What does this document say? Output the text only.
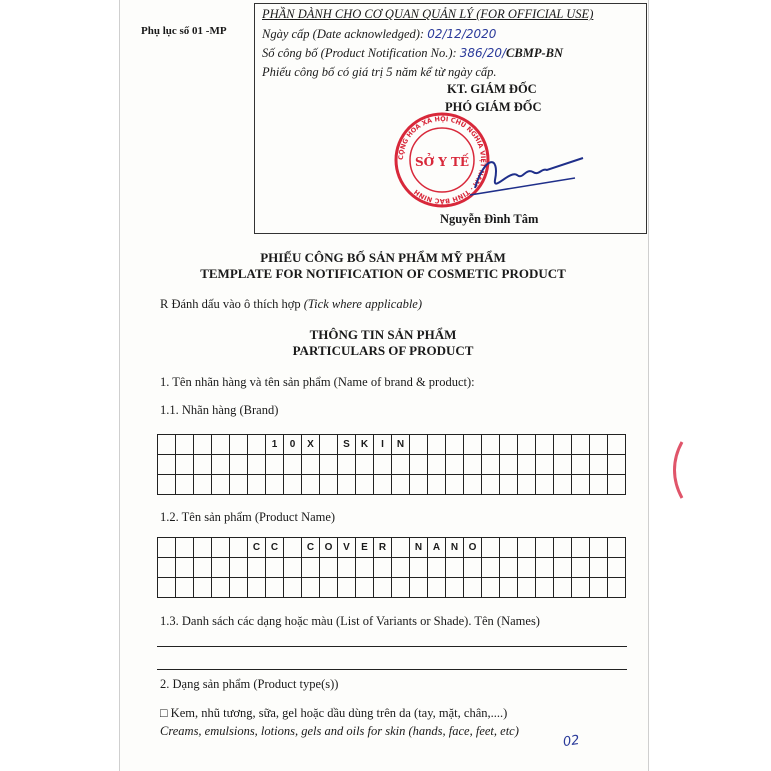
Phụ lục số 01 -MP
PHẦN DÀNH CHO CƠ QUAN QUẢN LÝ (FOR OFFICIAL USE)
Ngày cấp (Date acknowledged): 02/12/2020
Số công bố (Product Notification No.): 386/20/CBMP-BN
Phiếu công bố có giá trị 5 năm kể từ ngày cấp.
KT. GIÁM ĐỐC
PHÓ GIÁM ĐỐC
CỘNG HÒA XÃ HỘI CHỦ NGHĨA VIỆT NAM · TỈNH BẮC NINH
SỞ Y TẾ
Nguyễn Đình Tâm
PHIẾU CÔNG BỐ SẢN PHẨM MỸ PHẨM
TEMPLATE FOR NOTIFICATION OF COSMETIC PRODUCT
R Đánh dấu vào ô thích hợp (Tick where applicable)
THÔNG TIN SẢN PHẨM
PARTICULARS OF PRODUCT
1. Tên nhãn hàng và tên sản phẩm (Name of brand & product):
1.1. Nhãn hàng (Brand)
1	0	X	S	K	I	N
1.2. Tên sản phẩm (Product Name)
C	C	C	O	V	E	R	N	A	N	O
1.3. Danh sách các dạng hoặc màu (List of Variants or Shade). Tên (Names)
2. Dạng sản phẩm (Product type(s))
□ Kem, nhũ tương, sữa, gel hoặc dầu dùng trên da (tay, mặt, chân,....)
Creams, emulsions, lotions, gels and oils for skin (hands, face, feet, etc)
02
